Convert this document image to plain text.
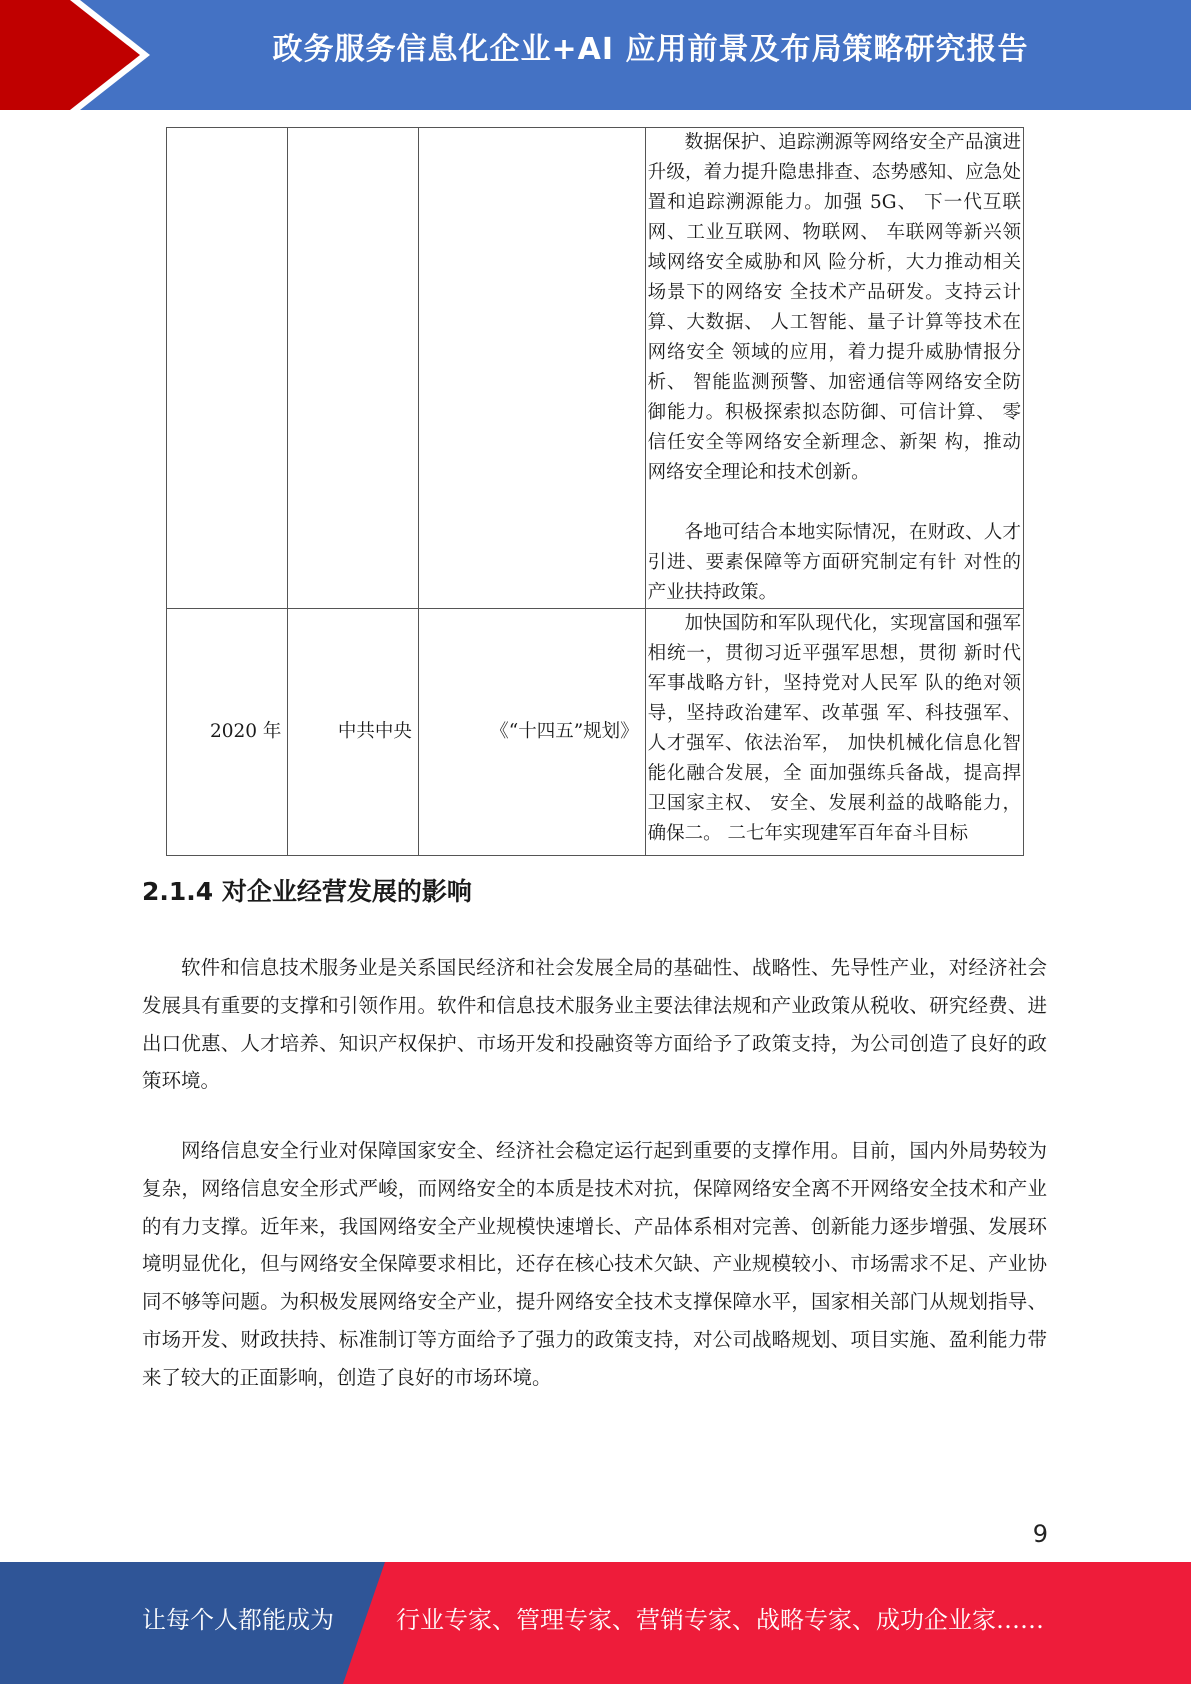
政务服务信息化企业+AI 应用前景及布局策略研究报告

			数据保护、追踪溯源等网络安全产品演进升级，着力提升隐患排查、态势感知、应急处置和追踪溯源能力。加强 5G、 下一代互联网、工业互联网、物联网、 车联网等新兴领域网络安全威胁和风 险分析，大力推动相关场景下的网络安 全技术产品研发。支持云计算、大数据、 人工智能、量子计算等技术在网络安全 领域的应用，着力提升威胁情报分析、 智能监测预警、加密通信等网络安全防 御能力。积极探索拟态防御、可信计算、 零信任安全等网络安全新理念、新架 构，推动网络安全理论和技术创新。

各地可结合本地实际情况，在财政、人才引进、要素保障等方面研究制定有针 对性的产业扶持政策。

2020 年	中共中央	《“十四五”规划》	加快国防和军队现代化，实现富国和强军相统一，贯彻习近平强军思想，贯彻 新时代军事战略方针，坚持党对人民军 队的绝对领导，坚持政治建军、改革强 军、科技强军、人才强军、依法治军， 加快机械化信息化智能化融合发展，全 面加强练兵备战，提高捍卫国家主权、 安全、发展利益的战略能力，确保二。 二七年实现建军百年奋斗目标

2.1.4 对企业经营发展的影响

软件和信息技术服务业是关系国民经济和社会发展全局的基础性、战略性、先导性产业，对经济社会发展具有重要的支撑和引领作用。软件和信息技术服务业主要法律法规和产业政策从税收、研究经费、进出口优惠、人才培养、知识产权保护、市场开发和投融资等方面给予了政策支持，为公司创造了良好的政策环境。

网络信息安全行业对保障国家安全、经济社会稳定运行起到重要的支撑作用。目前，国内外局势较为复杂，网络信息安全形式严峻，而网络安全的本质是技术对抗，保障网络安全离不开网络安全技术和产业的有力支撑。近年来，我国网络安全产业规模快速增长、产品体系相对完善、创新能力逐步增强、发展环境明显优化，但与网络安全保障要求相比，还存在核心技术欠缺、产业规模较小、市场需求不足、产业协同不够等问题。为积极发展网络安全产业，提升网络安全技术支撑保障水平，国家相关部门从规划指导、市场开发、财政扶持、标准制订等方面给予了强力的政策支持，对公司战略规划、项目实施、盈利能力带来了较大的正面影响，创造了良好的市场环境。

9
让每个人都能成为	行业专家、管理专家、营销专家、战略专家、成功企业家……
